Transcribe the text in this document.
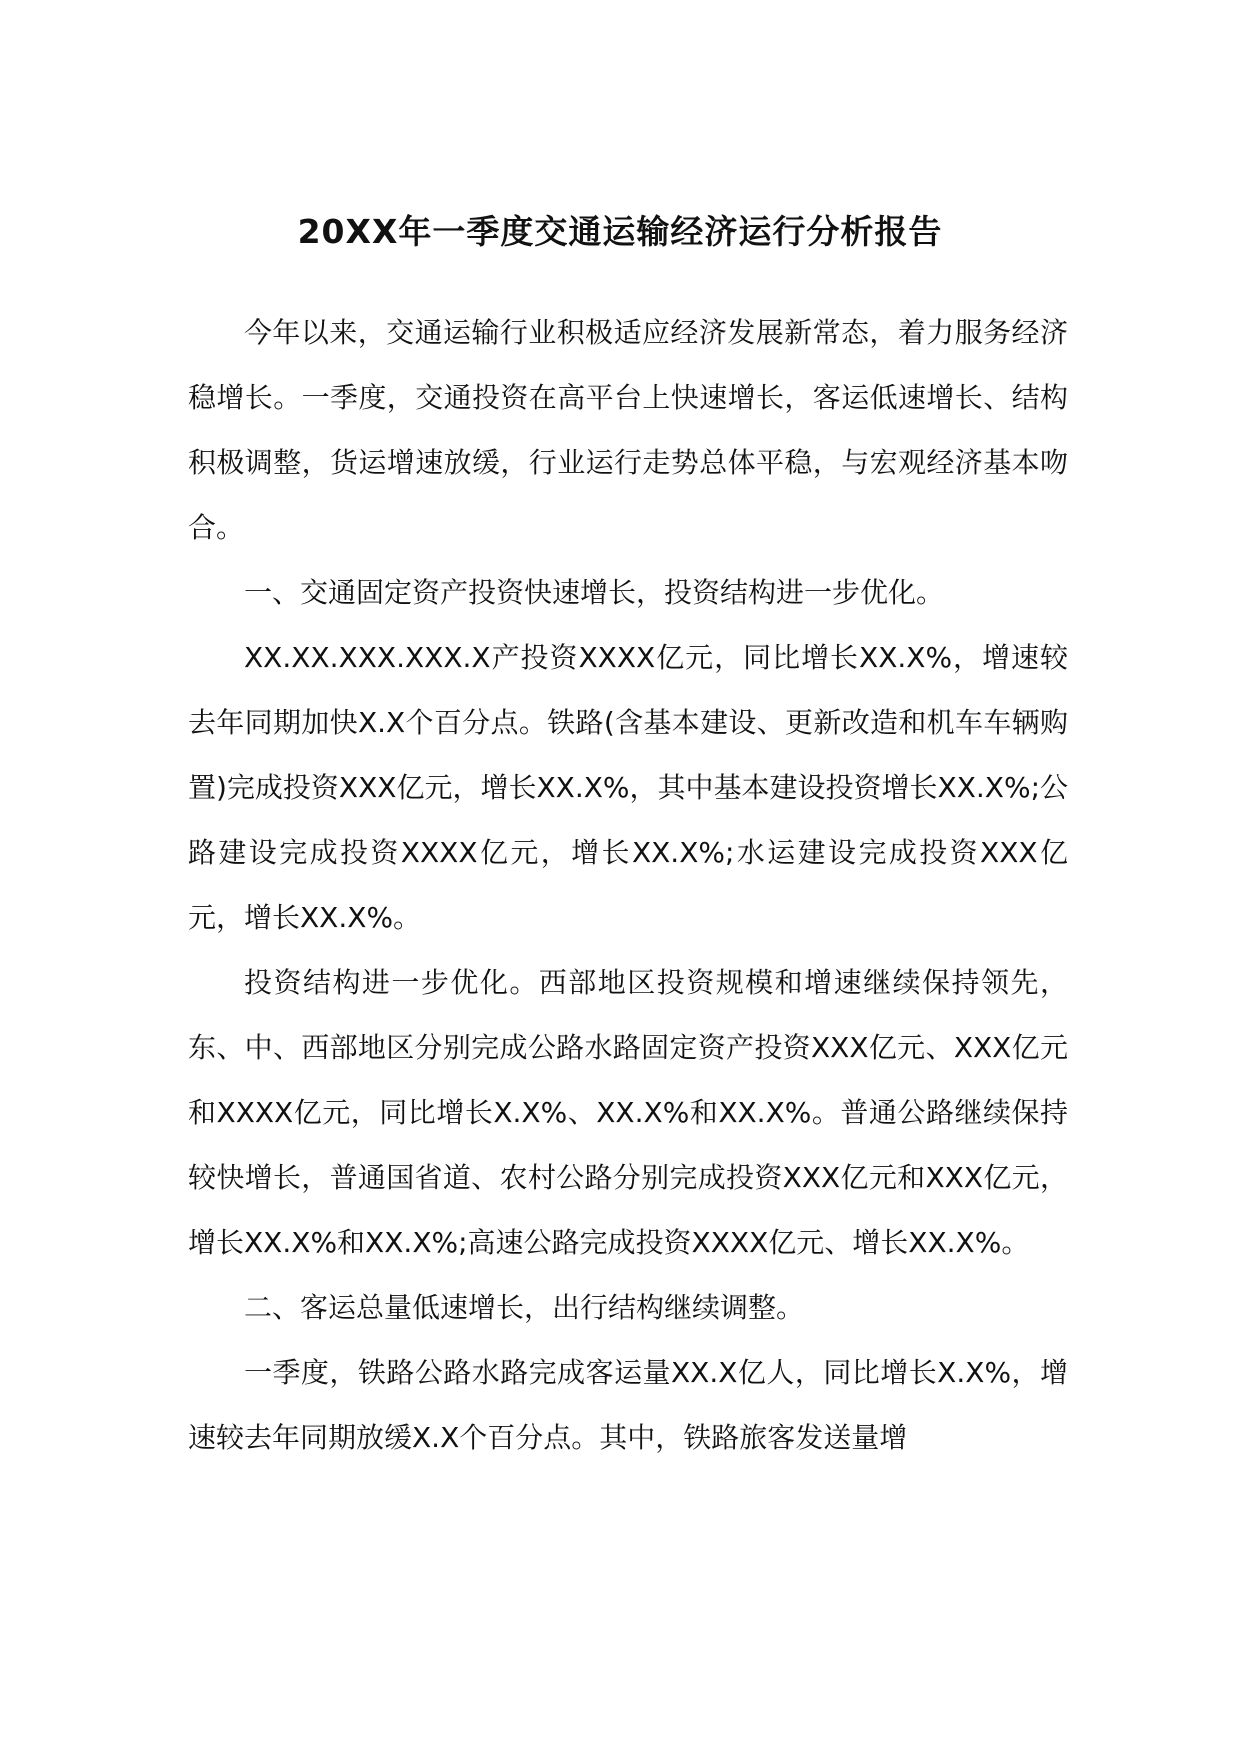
20XX年一季度交通运输经济运行分析报告

今年以来，交通运输行业积极适应经济发展新常态，着力服务经济稳增长。一季度，交通投资在高平台上快速增长，客运低速增长、结构积极调整，货运增速放缓，行业运行走势总体平稳，与宏观经济基本吻合。

一、交通固定资产投资快速增长，投资结构进一步优化。

XX.XX.XXX.XXX.X产投资XXXX亿元，同比增长XX.X%，增速较去年同期加快X.X个百分点。铁路(含基本建设、更新改造和机车车辆购置)完成投资XXX亿元，增长XX.X%，其中基本建设投资增长XX.X%;公路建设完成投资XXXX亿元，增长XX.X%;水运建设完成投资XXX亿元，增长XX.X%。

投资结构进一步优化。西部地区投资规模和增速继续保持领先，东、中、西部地区分别完成公路水路固定资产投资XXX亿元、XXX亿元和XXXX亿元，同比增长X.X%、XX.X%和XX.X%。普通公路继续保持较快增长，普通国省道、农村公路分别完成投资XXX亿元和XXX亿元，增长XX.X%和XX.X%;高速公路完成投资XXXX亿元、增长XX.X%。

二、客运总量低速增长，出行结构继续调整。

一季度，铁路公路水路完成客运量XX.X亿人，同比增长X.X%，增速较去年同期放缓X.X个百分点。其中，铁路旅客发送量增
